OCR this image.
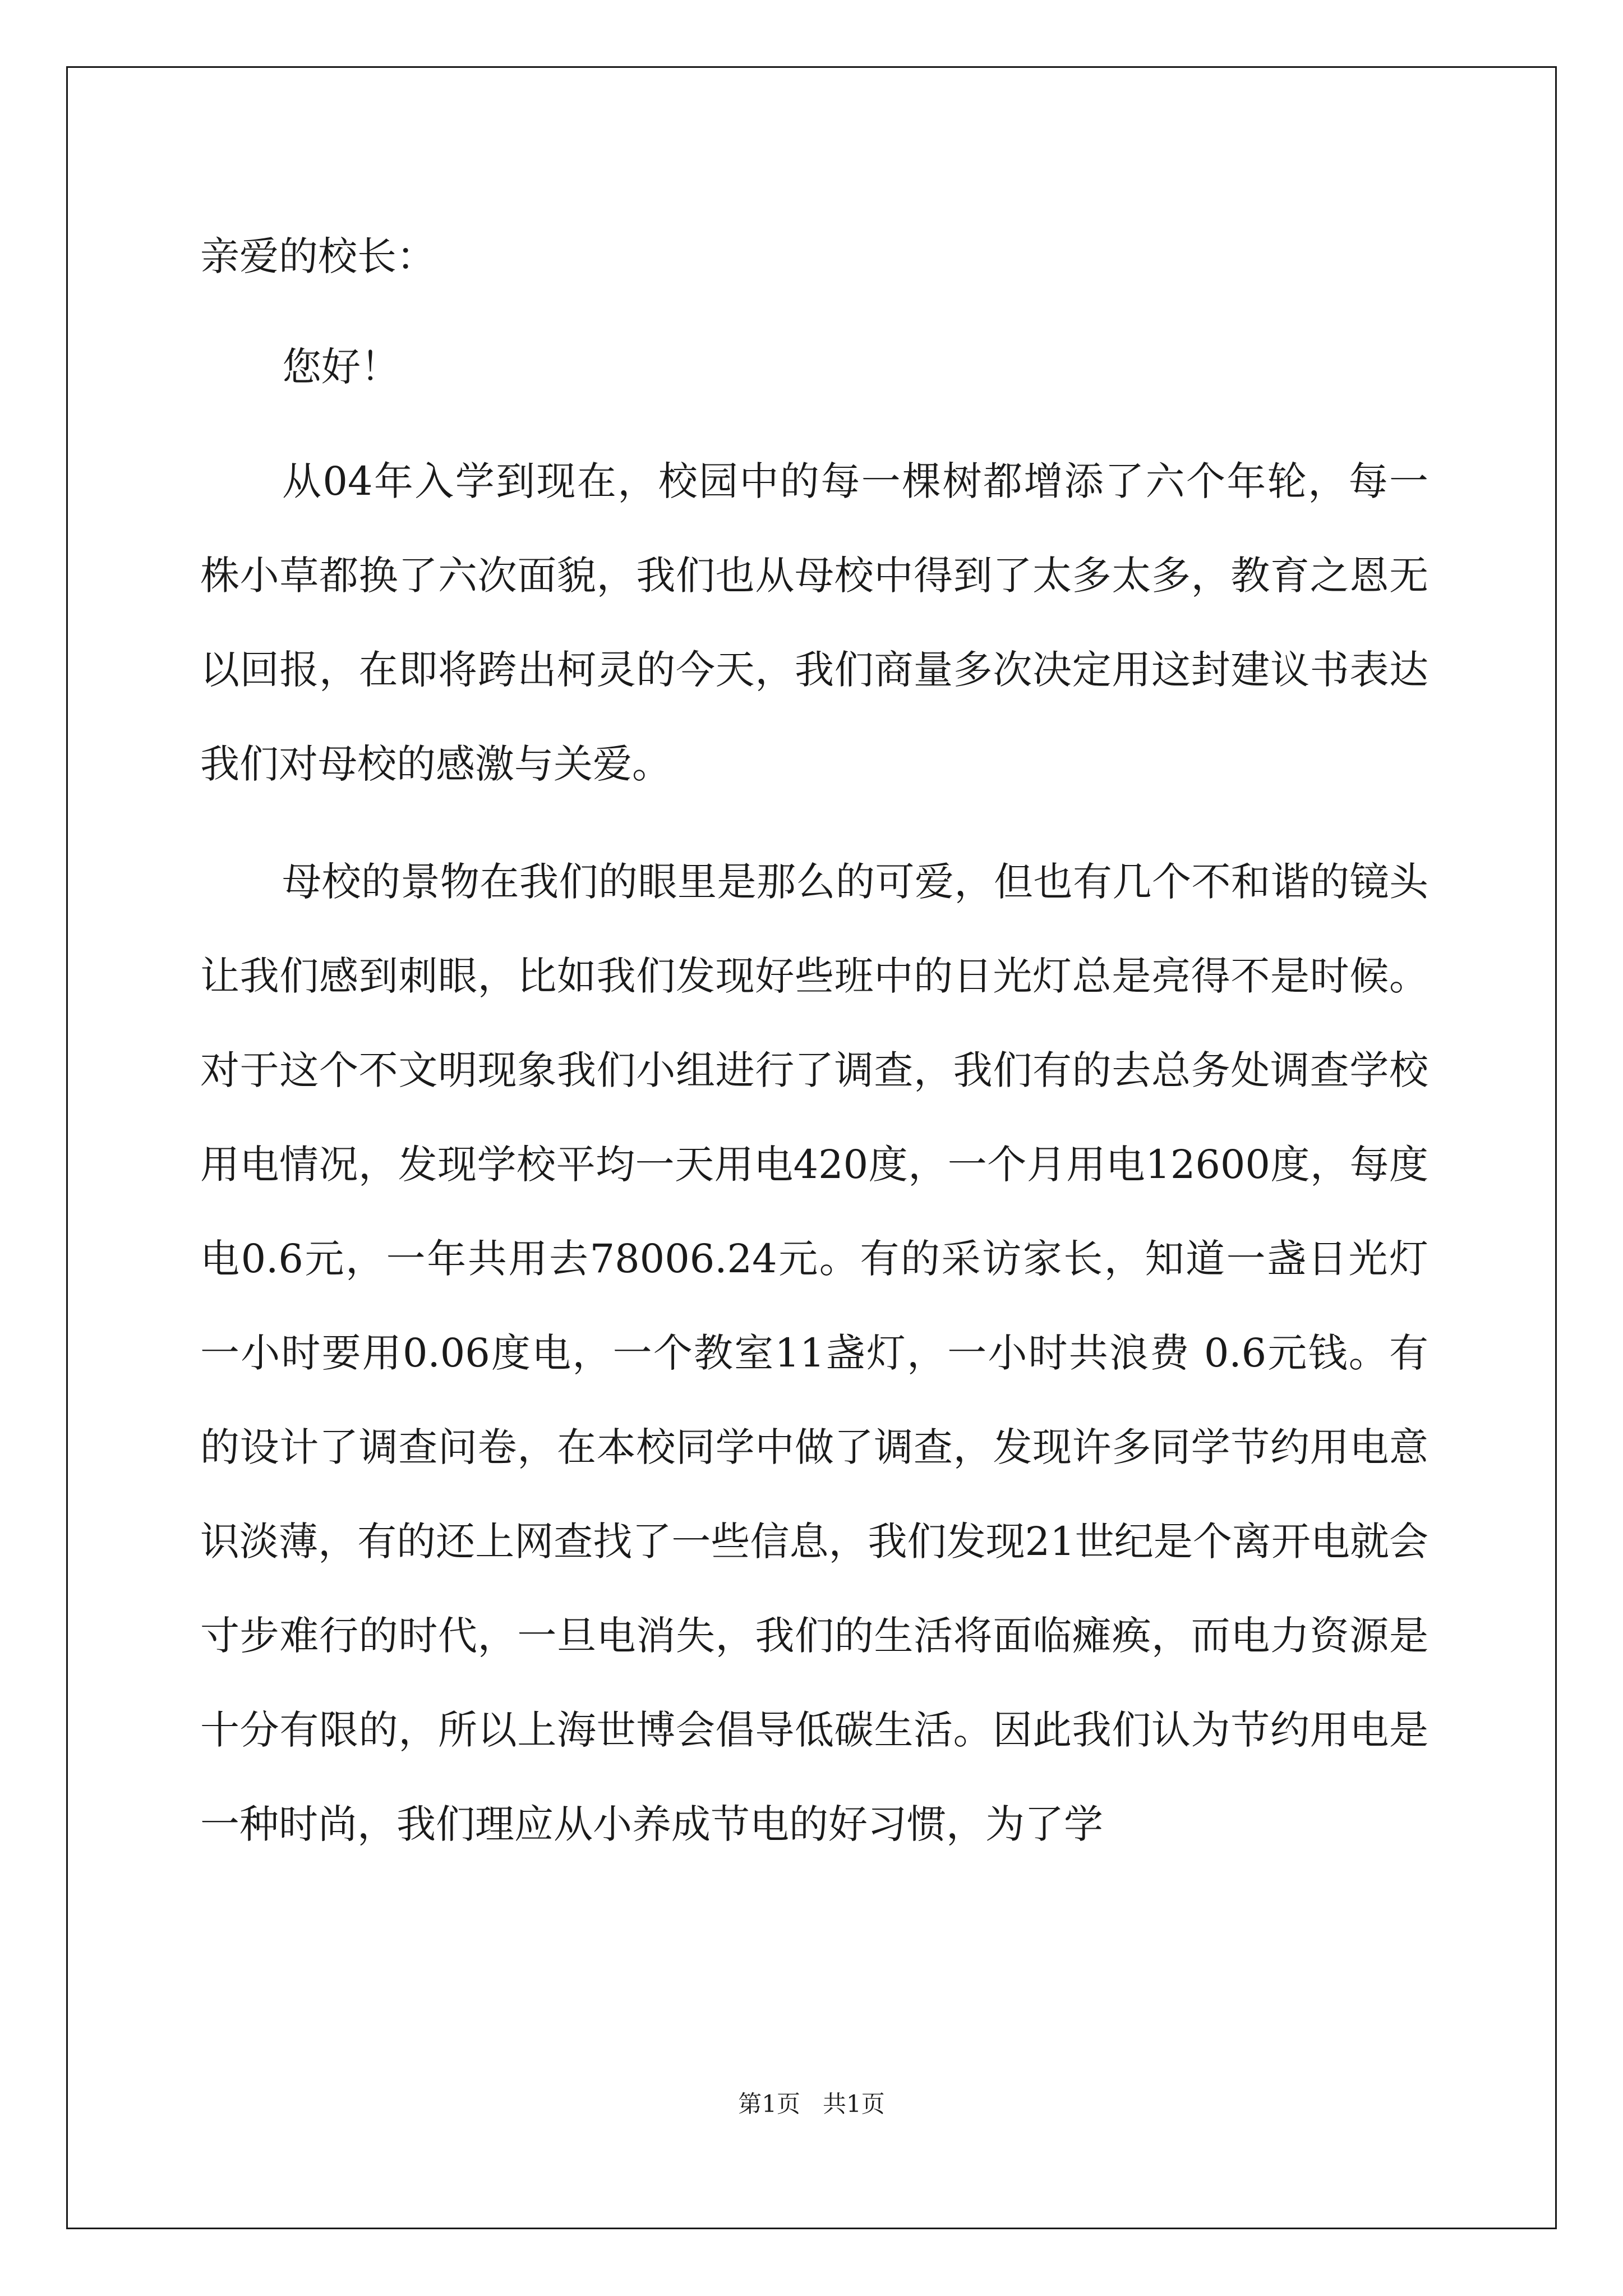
亲爱的校长：

您好！

从04年入学到现在，校园中的每一棵树都增添了六个年轮，每一株小草都换了六次面貌，我们也从母校中得到了太多太多，教育之恩无以回报，在即将跨出柯灵的今天，我们商量多次决定用这封建议书表达我们对母校的感激与关爱。

母校的景物在我们的眼里是那么的可爱，但也有几个不和谐的镜头让我们感到刺眼，比如我们发现好些班中的日光灯总是亮得不是时候。对于这个不文明现象我们小组进行了调查，我们有的去总务处调查学校用电情况，发现学校平均一天用电420度，一个月用电12600度，每度电0.6元，一年共用去78006.24元。有的采访家长，知道一盏日光灯一小时要用0.06度电，一个教室11盏灯，一小时共浪费 0.6元钱。有的设计了调查问卷，在本校同学中做了调查，发现许多同学节约用电意识淡薄，有的还上网查找了一些信息，我们发现21世纪是个离开电就会寸步难行的时代，一旦电消失，我们的生活将面临瘫痪，而电力资源是十分有限的，所以上海世博会倡导低碳生活。因此我们认为节约用电是一种时尚，我们理应从小养成节电的好习惯，为了学

第1页   共1页
